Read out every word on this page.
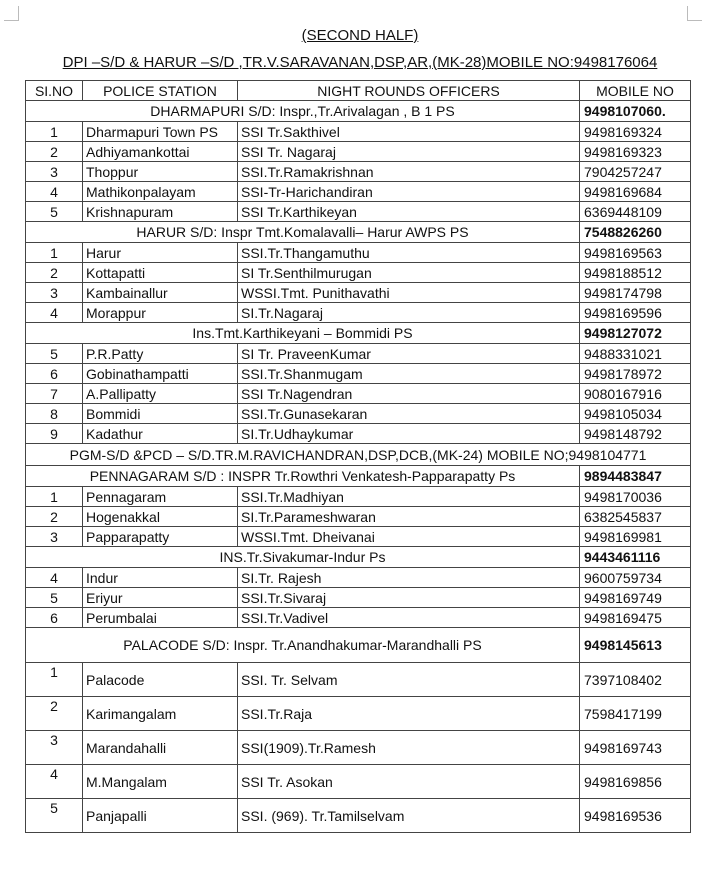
(SECOND HALF)
DPI –S/D & HARUR –S/D ,TR.V.SARAVANAN,DSP,AR,(MK-28)MOBILE NO:9498176064
SI.NO	POLICE STATION	NIGHT ROUNDS OFFICERS	MOBILE NO
DHARMAPURI S/D: Inspr.,Tr.Arivalagan , B 1 PS			9498107060.
1	Dharmapuri Town PS	SSI Tr.Sakthivel	9498169324
2	Adhiyamankottai	SSI Tr. Nagaraj	9498169323
3	Thoppur	SSI.Tr.Ramakrishnan	7904257247
4	Mathikonpalayam	SSI-Tr-Harichandiran	9498169684
5	Krishnapuram	SSI Tr.Karthikeyan	6369448109
HARUR S/D: Inspr Tmt.Komalavalli– Harur AWPS PS			7548826260
1	Harur	SSI.Tr.Thangamuthu	9498169563
2	Kottapatti	SI Tr.Senthilmurugan	9498188512
3	Kambainallur	WSSI.Tmt. Punithavathi	9498174798
4	Morappur	SI.Tr.Nagaraj	9498169596
Ins.Tmt.Karthikeyani – Bommidi PS			9498127072
5	P.R.Patty	SI Tr. PraveenKumar	9488331021
6	Gobinathampatti	SSI.Tr.Shanmugam	9498178972
7	A.Pallipatty	SSI Tr.Nagendran	9080167916
8	Bommidi	SSI.Tr.Gunasekaran	9498105034
9	Kadathur	SI.Tr.Udhaykumar	9498148792
PGM-S/D &PCD – S/D.TR.M.RAVICHANDRAN,DSP,DCB,(MK-24) MOBILE NO;9498104771			
PENNAGARAM S/D : INSPR Tr.Rowthri Venkatesh-Papparapatty Ps			9894483847
1	Pennagaram	SSI.Tr.Madhiyan	9498170036
2	Hogenakkal	SI.Tr.Parameshwaran	6382545837
3	Papparapatty	WSSI.Tmt. Dheivanai	9498169981
INS.Tr.Sivakumar-Indur Ps			9443461116
4	Indur	SI.Tr. Rajesh	9600759734
5	Eriyur	SSI.Tr.Sivaraj	9498169749
6	Perumbalai	SSI.Tr.Vadivel	9498169475
PALACODE S/D: Inspr. Tr.Anandhakumar-Marandhalli PS			9498145613
1	Palacode	SSI. Tr. Selvam	7397108402
2	Karimangalam	SSI.Tr.Raja	7598417199
3	Marandahalli	SSI(1909).Tr.Ramesh	9498169743
4	M.Mangalam	SSI Tr. Asokan	9498169856
5	Panjapalli	SSI. (969). Tr.Tamilselvam	9498169536
